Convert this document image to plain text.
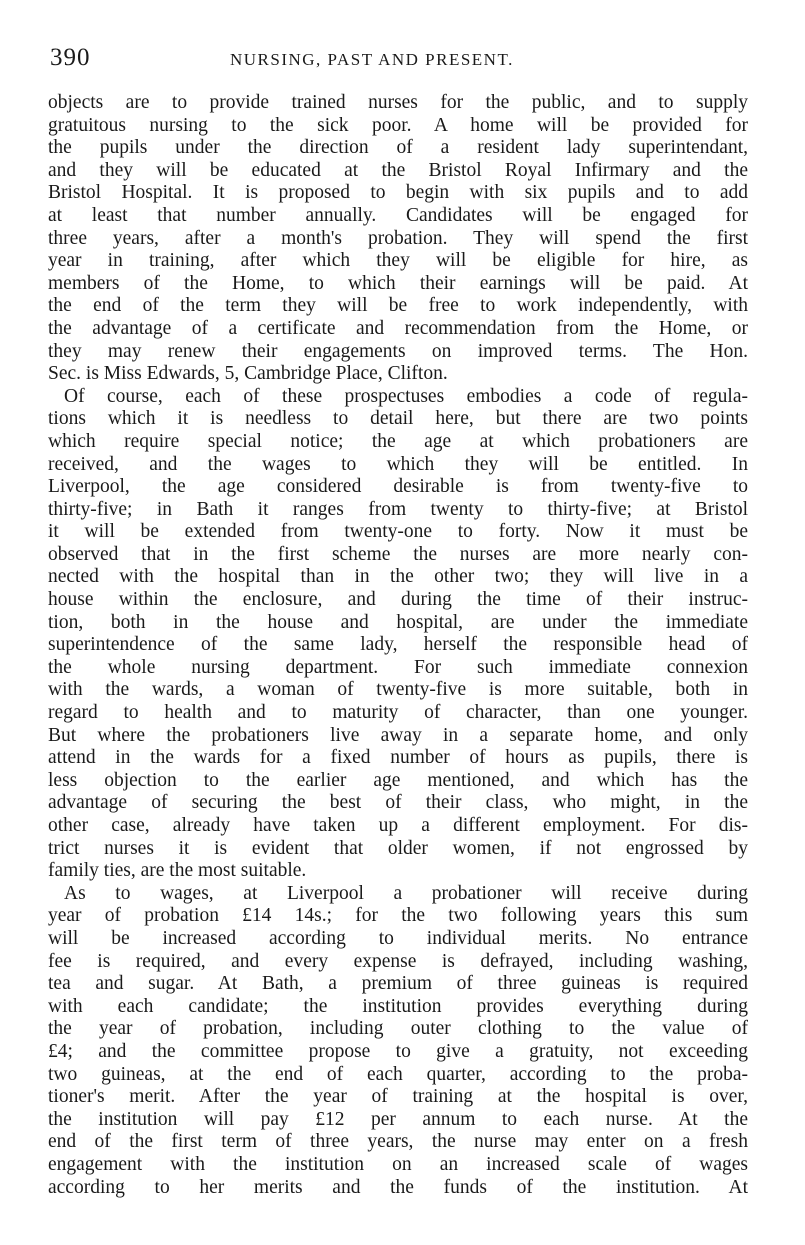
390	NURSING, PAST AND PRESENT.
objects are to provide trained nurses for the public, and to supply
gratuitous nursing to the sick poor. A home will be provided for
the pupils under the direction of a resident lady superintendant,
and they will be educated at the Bristol Royal Infirmary and the
Bristol Hospital. It is proposed to begin with six pupils and to add
at least that number annually. Candidates will be engaged for
three years, after a month's probation. They will spend the first
year in training, after which they will be eligible for hire, as
members of the Home, to which their earnings will be paid. At
the end of the term they will be free to work independently, with
the advantage of a certificate and recommendation from the Home, or
they may renew their engagements on improved terms. The Hon.
Sec. is Miss Edwards, 5, Cambridge Place, Clifton.
Of course, each of these prospectuses embodies a code of regula-
tions which it is needless to detail here, but there are two points
which require special notice; the age at which probationers are
received, and the wages to which they will be entitled. In
Liverpool, the age considered desirable is from twenty-five to
thirty-five; in Bath it ranges from twenty to thirty-five; at Bristol
it will be extended from twenty-one to forty. Now it must be
observed that in the first scheme the nurses are more nearly con-
nected with the hospital than in the other two; they will live in a
house within the enclosure, and during the time of their instruc-
tion, both in the house and hospital, are under the immediate
superintendence of the same lady, herself the responsible head of
the whole nursing department. For such immediate connexion
with the wards, a woman of twenty-five is more suitable, both in
regard to health and to maturity of character, than one younger.
But where the probationers live away in a separate home, and only
attend in the wards for a fixed number of hours as pupils, there is
less objection to the earlier age mentioned, and which has the
advantage of securing the best of their class, who might, in the
other case, already have taken up a different employment. For dis-
trict nurses it is evident that older women, if not engrossed by
family ties, are the most suitable.
As to wages, at Liverpool a probationer will receive during
year of probation £14 14s.; for the two following years this sum
will be increased according to individual merits. No entrance
fee is required, and every expense is defrayed, including washing,
tea and sugar. At Bath, a premium of three guineas is required
with each candidate; the institution provides everything during
the year of probation, including outer clothing to the value of
£4; and the committee propose to give a gratuity, not exceeding
two guineas, at the end of each quarter, according to the proba-
tioner's merit. After the year of training at the hospital is over,
the institution will pay £12 per annum to each nurse. At the
end of the first term of three years, the nurse may enter on a fresh
engagement with the institution on an increased scale of wages
according to her merits and the funds of the institution. At
